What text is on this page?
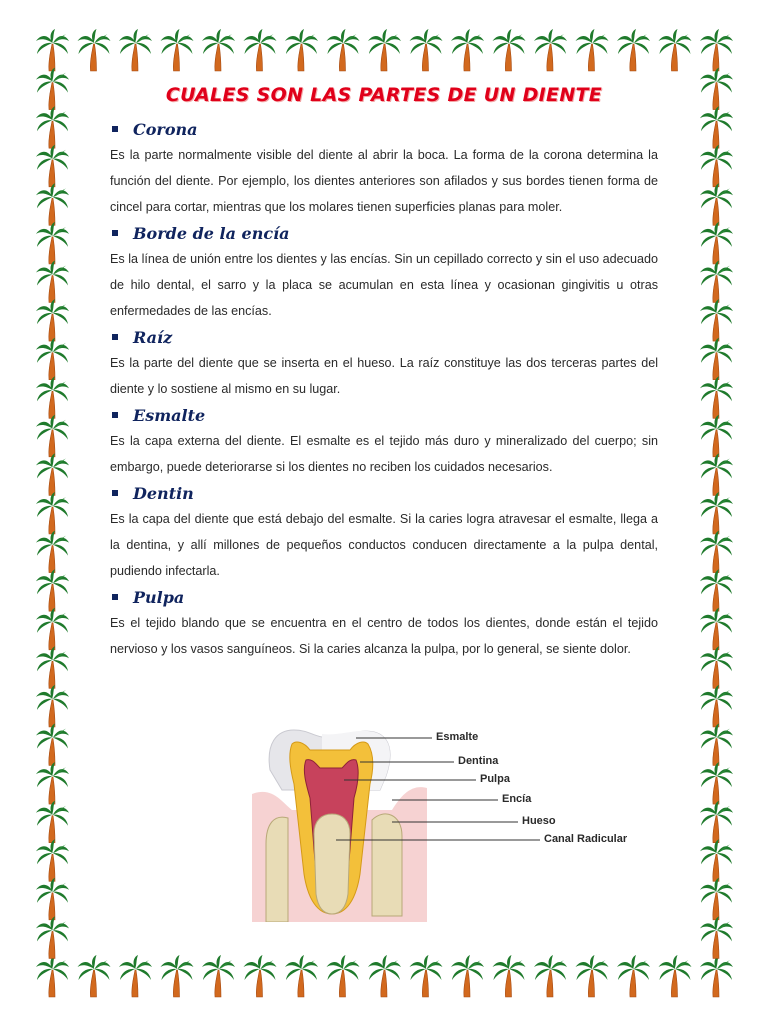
CUALES SON LAS PARTES DE UN DIENTE
Corona

Es la parte normalmente visible del diente al abrir la boca. La forma de la corona determina la función del diente. Por ejemplo, los dientes anteriores son afilados y sus bordes tienen forma de cincel para cortar, mientras que los molares tienen superficies planas para moler.

Borde de la encía

Es la línea de unión entre los dientes y las encías. Sin un cepillado correcto y sin el uso adecuado de hilo dental, el sarro y la placa se acumulan en esta línea y ocasionan gingivitis u otras enfermedades de las encías.

Raíz

Es la parte del diente que se inserta en el hueso. La raíz constituye las dos terceras partes del diente y lo sostiene al mismo en su lugar.

Esmalte

Es la capa externa del diente. El esmalte es el tejido más duro y mineralizado del cuerpo; sin embargo, puede deteriorarse si los dientes no reciben los cuidados necesarios.

Dentin

Es la capa del diente que está debajo del esmalte. Si la caries logra atravesar el esmalte, llega a la dentina, y allí millones de pequeños conductos conducen directamente a la pulpa dental, pudiendo infectarla.

Pulpa

Es el tejido blando que se encuentra en el centro de todos los dientes, donde están el tejido nervioso y los vasos sanguíneos. Si la caries alcanza la pulpa, por lo general, se siente dolor.

Esmalte
Dentina
Pulpa
Encía
Hueso
Canal Radicular
